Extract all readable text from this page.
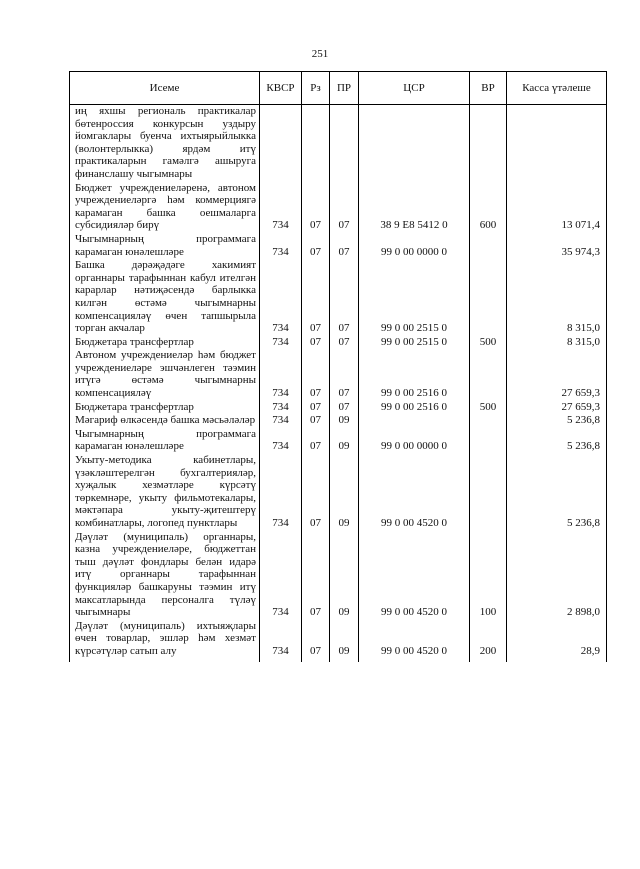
251
Исеме	КВСР	Рз	ПР	ЦСР	ВР	Касса үтәлеше
иң яхшы региональ практикалар бөтенроссия конкурсын уздыру йомгаклары буенча ихтыярыйлыкка (волонтерлыкка) ярдәм итү практикаларын гамәлгә ашыруга финанслашу чыгымнары						
Бюджет учреждениеләренә, автоном учреждениеләргә һәм коммерциягә карамаган башка оешмаларга субсидияләр бирү	734	07	07	38 9 Е8 5412 0	600	13 071,4
Чыгымнарның программага карамаган юнәлешләре	734	07	07	99 0 00 0000 0		35 974,3
Башка дәрәҗәдәге хакимият органнары тарафыннан кабул ителгән карарлар нәтиҗәсендә барлыкка килгән өстәмә чыгымнарны компенсацияләү өчен тапшырыла торган акчалар	734	07	07	99 0 00 2515 0		8 315,0
Бюджетара трансфертлар	734	07	07	99 0 00 2515 0	500	8 315,0
Автоном учреждениеләр һәм бюджет учреждениеләре эшчәнлеген тәэмин итүгә өстәмә чыгымнарны компенсацияләү	734	07	07	99 0 00 2516 0		27 659,3
Бюджетара трансфертлар	734	07	07	99 0 00 2516 0	500	27 659,3
Мәгариф өлкәсендә башка мәсьәләләр	734	07	09			5 236,8
Чыгымнарның программага карамаган юнәлешләре	734	07	09	99 0 00 0000 0		5 236,8
Укыту-методика кабинетлары, үзәкләштерелгән бухгалтерияләр, хуҗалык хезмәтләре күрсәтү төркемнәре, укыту фильмотекалары, мәктәпара укыту-җитештерү комбинатлары, логопед пунктлары	734	07	09	99 0 00 4520 0		5 236,8
Дәүләт (муниципаль) органнары, казна учреждениеләре, бюджеттан тыш дәүләт фондлары белән идарә итү органнары тарафыннан функцияләр башкаруны тәэмин итү максатларында персоналга түләү чыгымнары	734	07	09	99 0 00 4520 0	100	2 898,0
Дәүләт (муниципаль) ихтыяҗлары өчен товарлар, эшләр һәм хезмәт күрсәтүләр сатып алу	734	07	09	99 0 00 4520 0	200	28,9
